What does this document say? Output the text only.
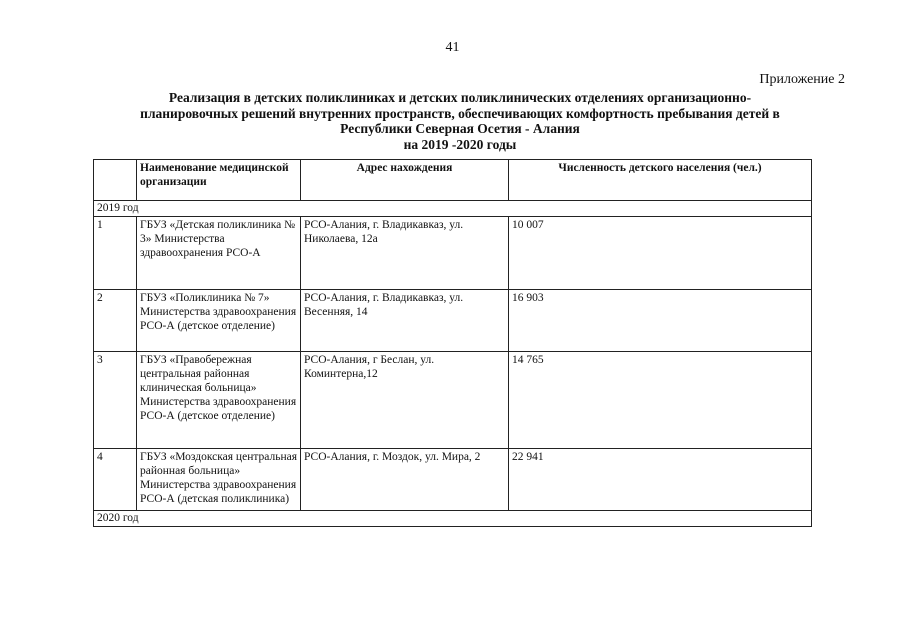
41
Приложение 2
Реализация в детских поликлиниках и детских поликлинических отделениях организационно-
планировочных решений внутренних пространств, обеспечивающих комфортность пребывания детей в
Республики Северная Осетия - Алания
на 2019 -2020 годы
	Наименование медицинской организации	Адрес нахождения	Численность детского населения (чел.)
2019 год			
1	ГБУЗ «Детская поликлиника № 3» Министерства здравоохранения РСО-А	РСО-Алания, г. Владикавказ, ул. Николаева, 12а	10 007
2	ГБУЗ «Поликлиника № 7» Министерства здравоохранения РСО-А (детское отделение)	РСО-Алания, г. Владикавказ, ул. Весенняя, 14	16 903
3	ГБУЗ «Правобережная центральная районная клиническая больница» Министерства здравоохранения РСО-А (детское отделение)	РСО-Алания, г Беслан, ул. Коминтерна,12	14 765
4	ГБУЗ «Моздокская центральная районная больница» Министерства здравоохранения РСО-А (детская поликлиника)	РСО-Алания, г. Моздок, ул. Мира, 2	22 941
2020 год			
